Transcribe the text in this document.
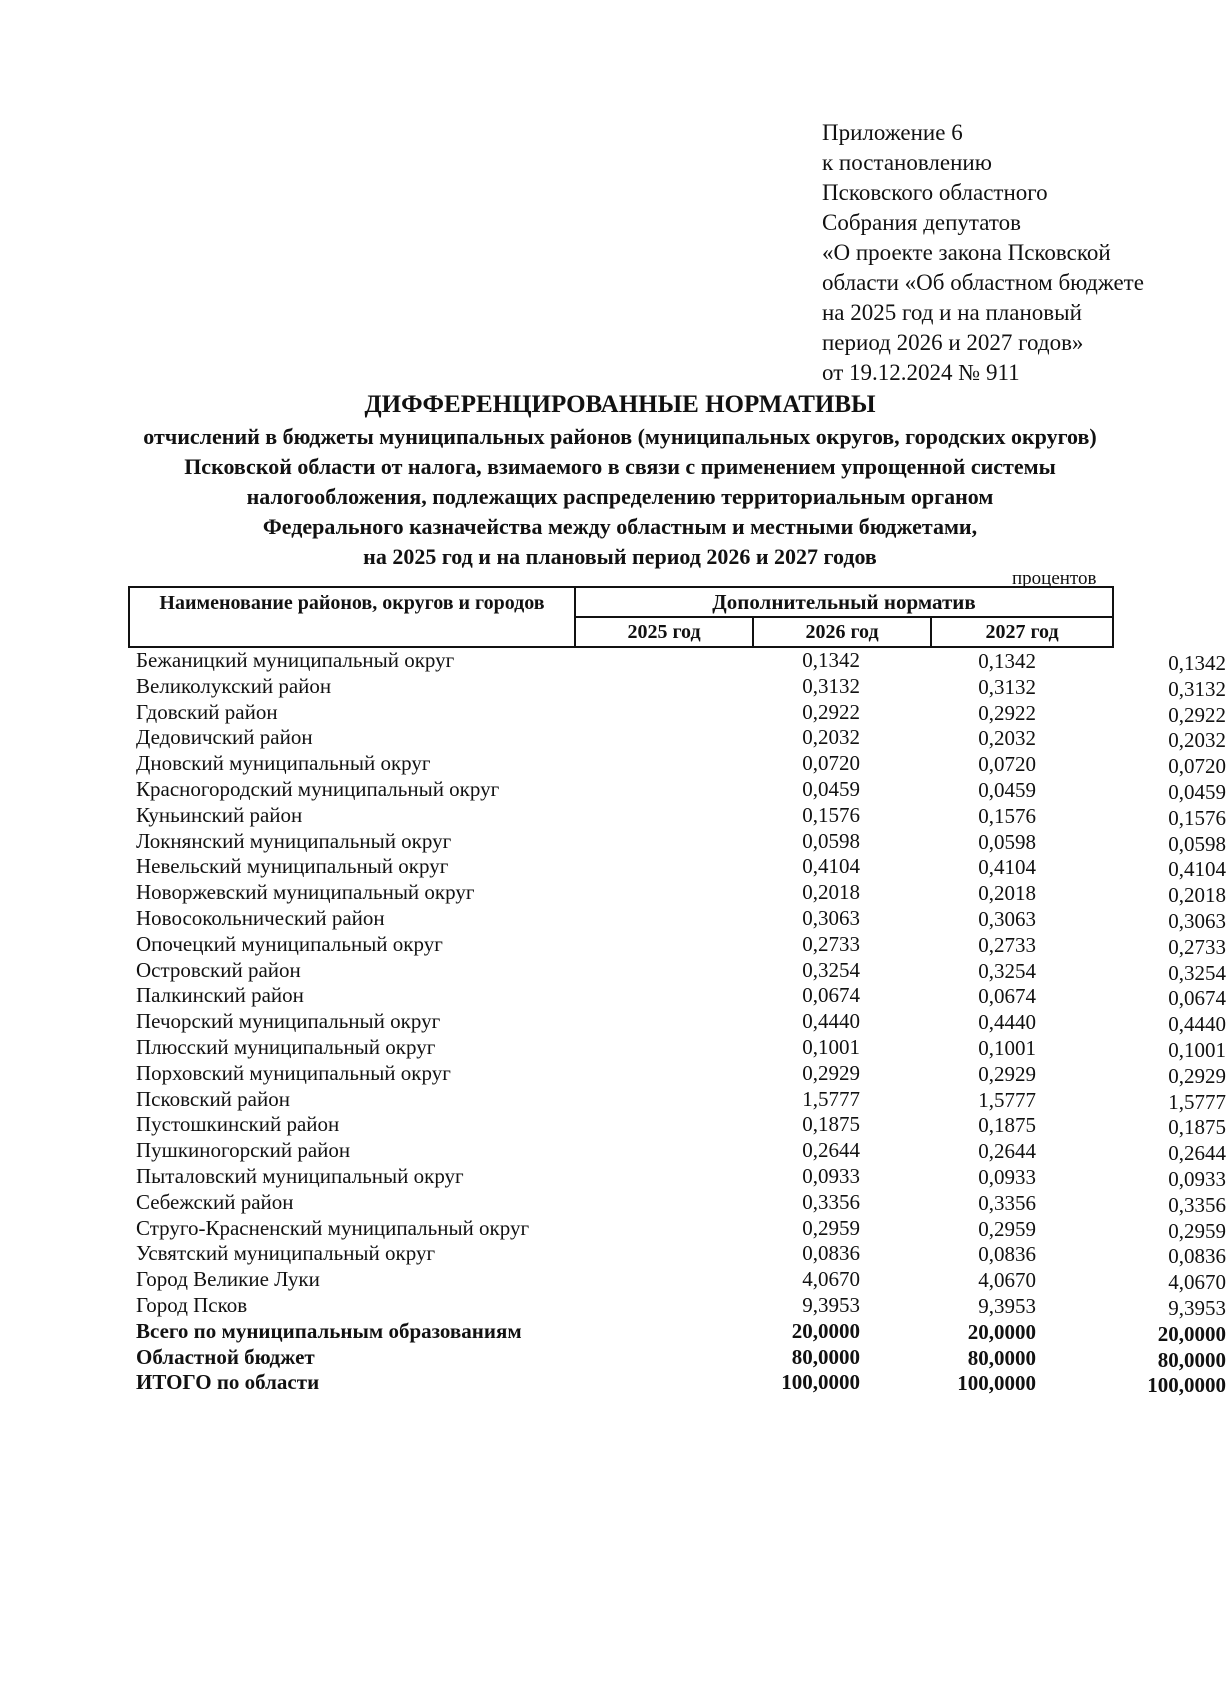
Приложение 6
к постановлению
Псковского областного
Собрания депутатов
«О проекте закона Псковской
области «Об областном бюджете
на 2025 год и на плановый
период 2026 и 2027 годов»
от 19.12.2024 № 911
ДИФФЕРЕНЦИРОВАННЫЕ НОРМАТИВЫ
отчислений в бюджеты муниципальных районов (муниципальных округов, городских округов)
Псковской области от налога, взимаемого в связи с применением упрощенной системы
налогообложения, подлежащих распределению территориальным органом
Федерального казначейства между областным и местными бюджетами,
на 2025 год и на плановый период 2026 и 2027 годов
процентов
Наименование районов, округов и городов	Дополнительный норматив
2025 год	2026 год	2027 год
Бежаницкий муниципальный округ	0,1342	0,1342	0,1342
Великолукский район	0,3132	0,3132	0,3132
Гдовский район	0,2922	0,2922	0,2922
Дедовичский район	0,2032	0,2032	0,2032
Дновский муниципальный округ	0,0720	0,0720	0,0720
Красногородский муниципальный округ	0,0459	0,0459	0,0459
Куньинский район	0,1576	0,1576	0,1576
Локнянский муниципальный округ	0,0598	0,0598	0,0598
Невельский муниципальный округ	0,4104	0,4104	0,4104
Новоржевский муниципальный округ	0,2018	0,2018	0,2018
Новосокольнический район	0,3063	0,3063	0,3063
Опочецкий муниципальный округ	0,2733	0,2733	0,2733
Островский район	0,3254	0,3254	0,3254
Палкинский район	0,0674	0,0674	0,0674
Печорский муниципальный округ	0,4440	0,4440	0,4440
Плюсский муниципальный округ	0,1001	0,1001	0,1001
Порховский муниципальный округ	0,2929	0,2929	0,2929
Псковский район	1,5777	1,5777	1,5777
Пустошкинский район	0,1875	0,1875	0,1875
Пушкиногорский район	0,2644	0,2644	0,2644
Пыталовский муниципальный округ	0,0933	0,0933	0,0933
Себежский район	0,3356	0,3356	0,3356
Струго-Красненский муниципальный округ	0,2959	0,2959	0,2959
Усвятский муниципальный округ	0,0836	0,0836	0,0836
Город Великие Луки	4,0670	4,0670	4,0670
Город Псков	9,3953	9,3953	9,3953
Всего по муниципальным образованиям	20,0000	20,0000	20,0000
Областной бюджет	80,0000	80,0000	80,0000
ИТОГО по области	100,0000	100,0000	100,0000
